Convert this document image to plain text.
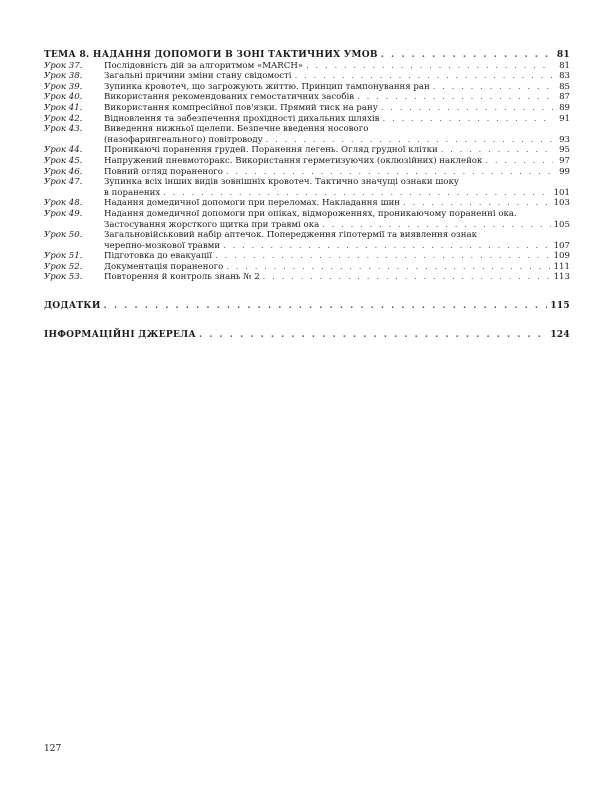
ТЕМА 8. НАДАННЯ ДОПОМОГИ В ЗОНІ ТАКТИЧНИХ УМОВ . . .	81
Урок 37.	Послідовність дій за алгоритмом «MARCH» . . .	81
Урок 38.	Загальні причини зміни стану свідомості . . .	83
Урок 39.	Зупинка кровотеч, що загрожують життю. Принцип тампонування ран . . .	85
Урок 40.	Використання рекомендованих гемостатичних засобів . . .	87
Урок 41.	Використання компресійної пов'язки. Прямий тиск на рану . . .	89
Урок 42.	Відновлення та забезпечення прохідності дихальних шляхів . . .	91
Урок 43.	Виведення нижньої щелепи. Безпечне введення носового
(назофарингеального) повітроводу . . .	93
Урок 44.	Проникаючі поранення грудей. Поранення легень. Огляд грудної клітки . . .	95
Урок 45.	Напружений пневмоторакс. Використання герметизуючих (оклюзійних) наклейок . . .	97
Урок 46.	Повний огляд пораненого . . .	99
Урок 47.	Зупинка всіх інших видів зовнішніх кровотеч. Тактично значущі ознаки шоку
в поранених . . .	101
Урок 48.	Надання домедичної допомоги при переломах. Накладання шин . . .	103
Урок 49.	Надання домедичної допомоги при опіках, відмороженнях, проникаючому пораненні ока.
Застосування жорсткого щитка при травмі ока . . .	105
Урок 50.	Загальновійськовий набір аптечок. Попередження гіпотермії та виявлення ознак
черепно-мозкової травми . . .	107
Урок 51.	Підготовка до евакуації . . .	109
Урок 52.	Документація пораненого . . .	111
Урок 53.	Повторення й контроль знань № 2 . . .	113
ДОДАТКИ . . .	115
ІНФОРМАЦІЙНІ ДЖЕРЕЛА . . .	124
127
